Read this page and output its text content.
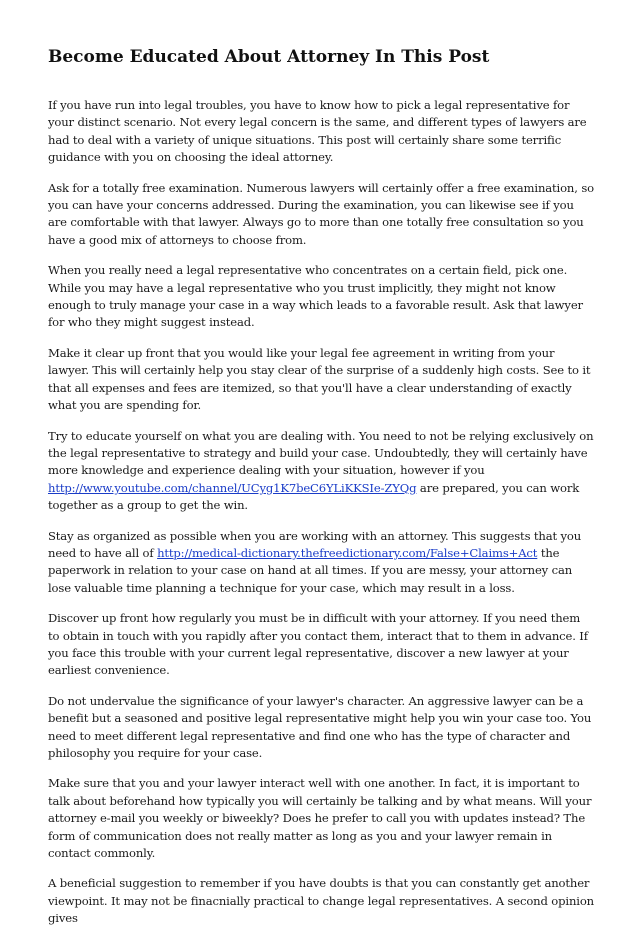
Become Educated About Attorney In This Post

If you have run into legal troubles, you have to know how to pick a legal representative for your distinct scenario. Not every legal concern is the same, and different types of lawyers are had to deal with a variety of unique situations. This post will certainly share some terrific guidance with you on choosing the ideal attorney.

Ask for a totally free examination. Numerous lawyers will certainly offer a free examination, so you can have your concerns addressed. During the examination, you can likewise see if you are comfortable with that lawyer. Always go to more than one totally free consultation so you have a good mix of attorneys to choose from.

When you really need a legal representative who concentrates on a certain field, pick one. While you may have a legal representative who you trust implicitly, they might not know enough to truly manage your case in a way which leads to a favorable result. Ask that lawyer for who they might suggest instead.

Make it clear up front that you would like your legal fee agreement in writing from your lawyer. This will certainly help you stay clear of the surprise of a suddenly high costs. See to it that all expenses and fees are itemized, so that you'll have a clear understanding of exactly what you are spending for.

Try to educate yourself on what you are dealing with. You need to not be relying exclusively on the legal representative to strategy and build your case. Undoubtedly, they will certainly have more knowledge and experience dealing with your situation, however if you http://www.youtube.com/channel/UCyg1K7beC6YLiKKSIe-ZYQg are prepared, you can work together as a group to get the win.

Stay as organized as possible when you are working with an attorney. This suggests that you need to have all of http://medical-dictionary.thefreedictionary.com/False+Claims+Act the paperwork in relation to your case on hand at all times. If you are messy, your attorney can lose valuable time planning a technique for your case, which may result in a loss.

Discover up front how regularly you must be in difficult with your attorney. If you need them to obtain in touch with you rapidly after you contact them, interact that to them in advance. If you face this trouble with your current legal representative, discover a new lawyer at your earliest convenience.

Do not undervalue the significance of your lawyer's character. An aggressive lawyer can be a benefit but a seasoned and positive legal representative might help you win your case too. You need to meet different legal representative and find one who has the type of character and philosophy you require for your case.

Make sure that you and your lawyer interact well with one another. In fact, it is important to talk about beforehand how typically you will certainly be talking and by what means. Will your attorney e-mail you weekly or biweekly? Does he prefer to call you with updates instead? The form of communication does not really matter as long as you and your lawyer remain in contact commonly.

A beneficial suggestion to remember if you have doubts is that you can constantly get another viewpoint. It may not be finacnially practical to change legal representatives. A second opinion gives
